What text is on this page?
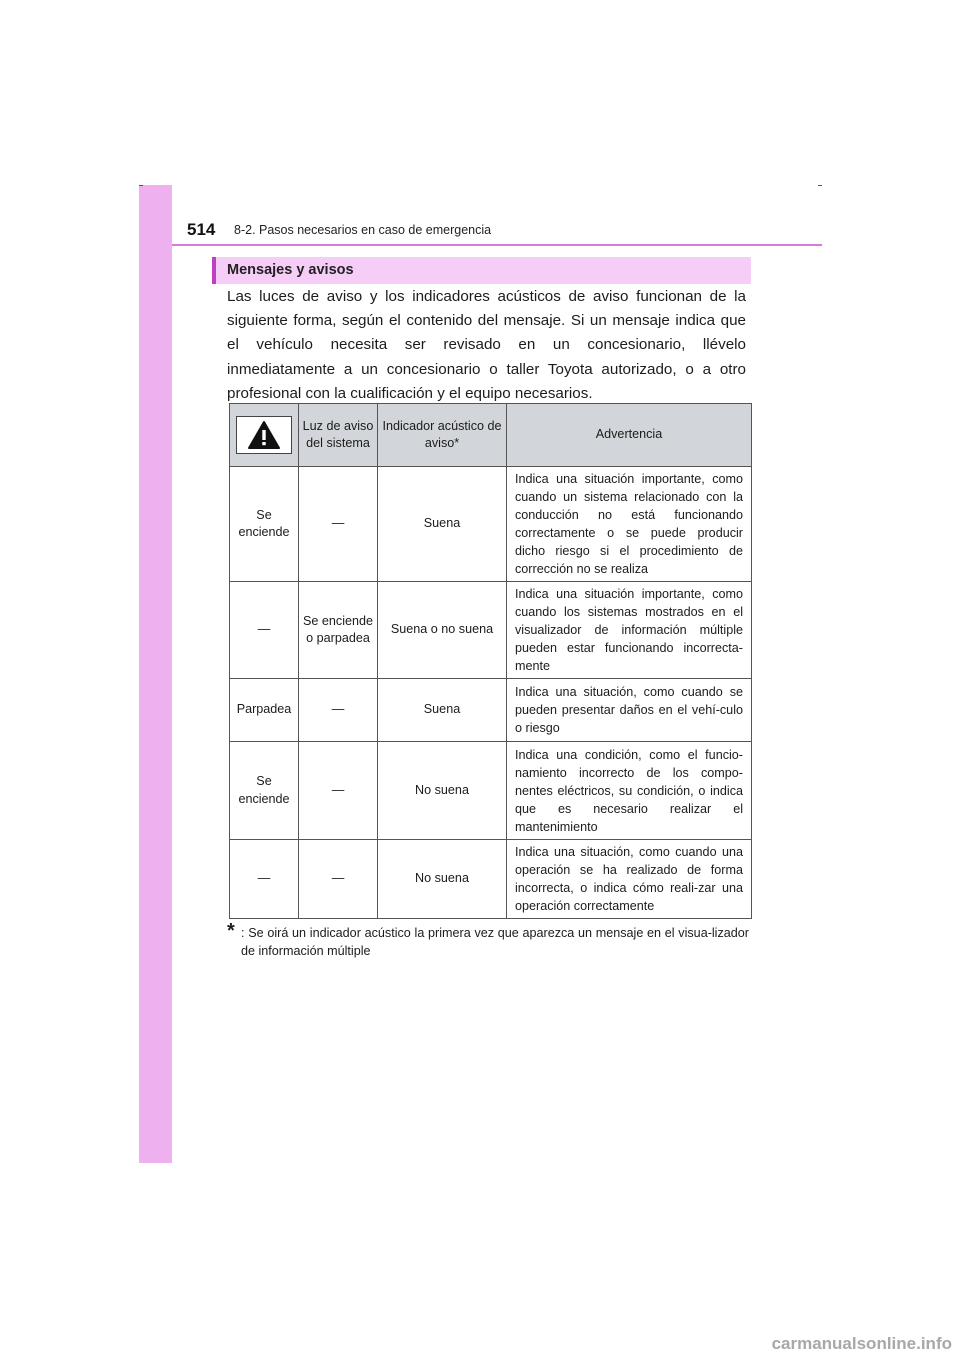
514 8-2. Pasos necesarios en caso de emergencia
Mensajes y avisos

Las luces de aviso y los indicadores acústicos de aviso funcionan de la siguiente forma, según el contenido del mensaje. Si un mensaje indica que el vehículo necesita ser revisado en un concesionario, llévelo inmediatamente a un concesionario o taller Toyota autorizado, o a otro profesional con la cualificación y el equipo necesarios.

	Luz de aviso del sistema	Indicador acústico de aviso*	Advertencia
Se enciende	—	Suena	Indica una situación importante, como cuando un sistema relacionado con la conducción no está funcionando correctamente o se puede producir dicho riesgo si el procedimiento de corrección no se realiza
—	Se enciende o parpadea	Suena o no suena	Indica una situación importante, como cuando los sistemas mostrados en el visualizador de información múltiple pueden estar funcionando incorrecta-mente
Parpadea	—	Suena	Indica una situación, como cuando se pueden presentar daños en el vehí-culo o riesgo
Se enciende	—	No suena	Indica una condición, como el funcio-namiento incorrecto de los compo-nentes eléctricos, su condición, o indica que es necesario realizar el mantenimiento
—	—	No suena	Indica una situación, como cuando una operación se ha realizado de forma incorrecta, o indica cómo reali-zar una operación correctamente
* : Se oirá un indicador acústico la primera vez que aparezca un mensaje en el visua-lizador de información múltiple
carmanualsonline.info
